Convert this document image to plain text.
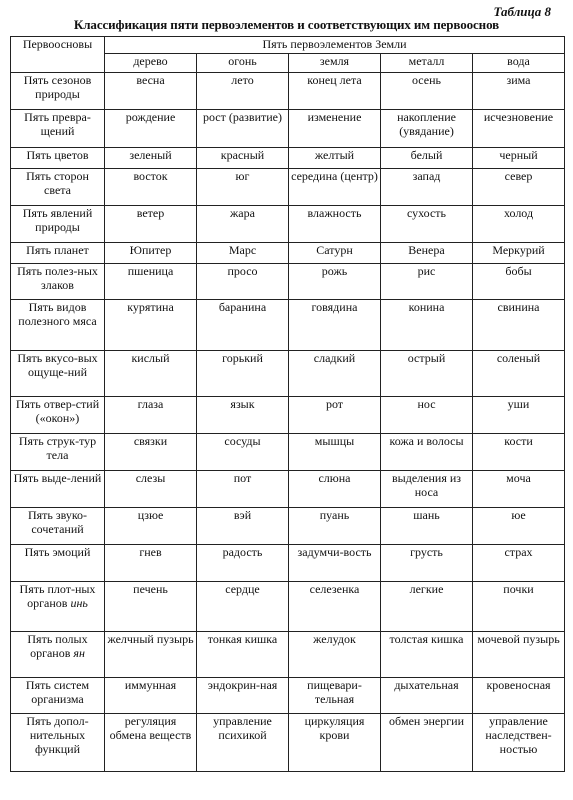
Таблица 8
Классификация пяти первоэлементов и соответствующих им первооснов
Первоосновы	Пять первоэлементов Земли				
	дерево	огонь	земля	металл	вода
Пять сезонов природы	весна	лето	конец лета	осень	зима
Пять превра-щений	рождение	рост (развитие)	изменение	накопление (увядание)	исчезновение
Пять цветов	зеленый	красный	желтый	белый	черный
Пять сторон света	восток	юг	середина (центр)	запад	север
Пять явлений природы	ветер	жара	влажность	сухость	холод
Пять планет	Юпитер	Марс	Сатурн	Венера	Меркурий
Пять полез-ных злаков	пшеница	просо	рожь	рис	бобы
Пять видов полезного мяса	курятина	баранина	говядина	конина	свинина
Пять вкусо-вых ощуще-ний	кислый	горький	сладкий	острый	соленый
Пять отвер-стий («окон»)	глаза	язык	рот	нос	уши
Пять струк-тур тела	связки	сосуды	мышцы	кожа и волосы	кости
Пять выде-лений	слезы	пот	слюна	выделения из носа	моча
Пять звуко-сочетаний	цзюе	вэй	пуань	шань	юе
Пять эмоций	гнев	радость	задумчи-вость	грусть	страх
Пять плот-ных органов инь	печень	сердце	селезенка	легкие	почки
Пять полых органов ян	желчный пузырь	тонкая кишка	желудок	толстая кишка	мочевой пузырь
Пять систем организма	иммунная	эндокрин-ная	пищевари-тельная	дыхательная	кровеносная
Пять допол-нительных функций	регуляция обмена веществ	управление психикой	циркуляция крови	обмен энергии	управление наследствен-ностью
